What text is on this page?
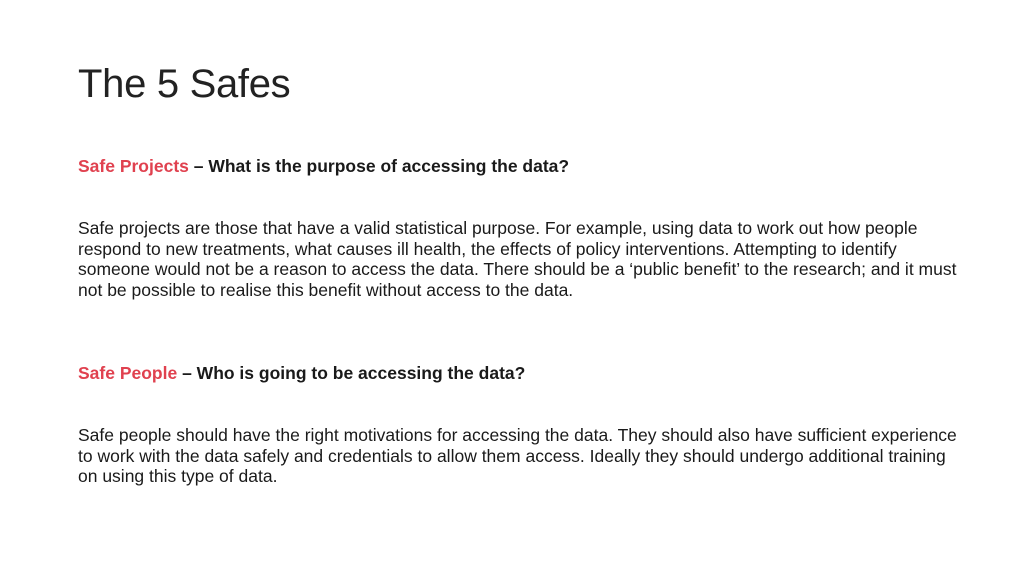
The 5 Safes

Safe Projects – What is the purpose of accessing the data?

Safe projects are those that have a valid statistical purpose. For example, using data to work out how people respond to new treatments, what causes ill health, the effects of policy interventions. Attempting to identify someone would not be a reason to access the data. There should be a ‘public benefit’ to the research; and it must not be possible to realise this benefit without access to the data.

Safe People – Who is going to be accessing the data?

Safe people should have the right motivations for accessing the data. They should also have sufficient experience to work with the data safely and credentials to allow them access. Ideally they should undergo additional training on using this type of data.
